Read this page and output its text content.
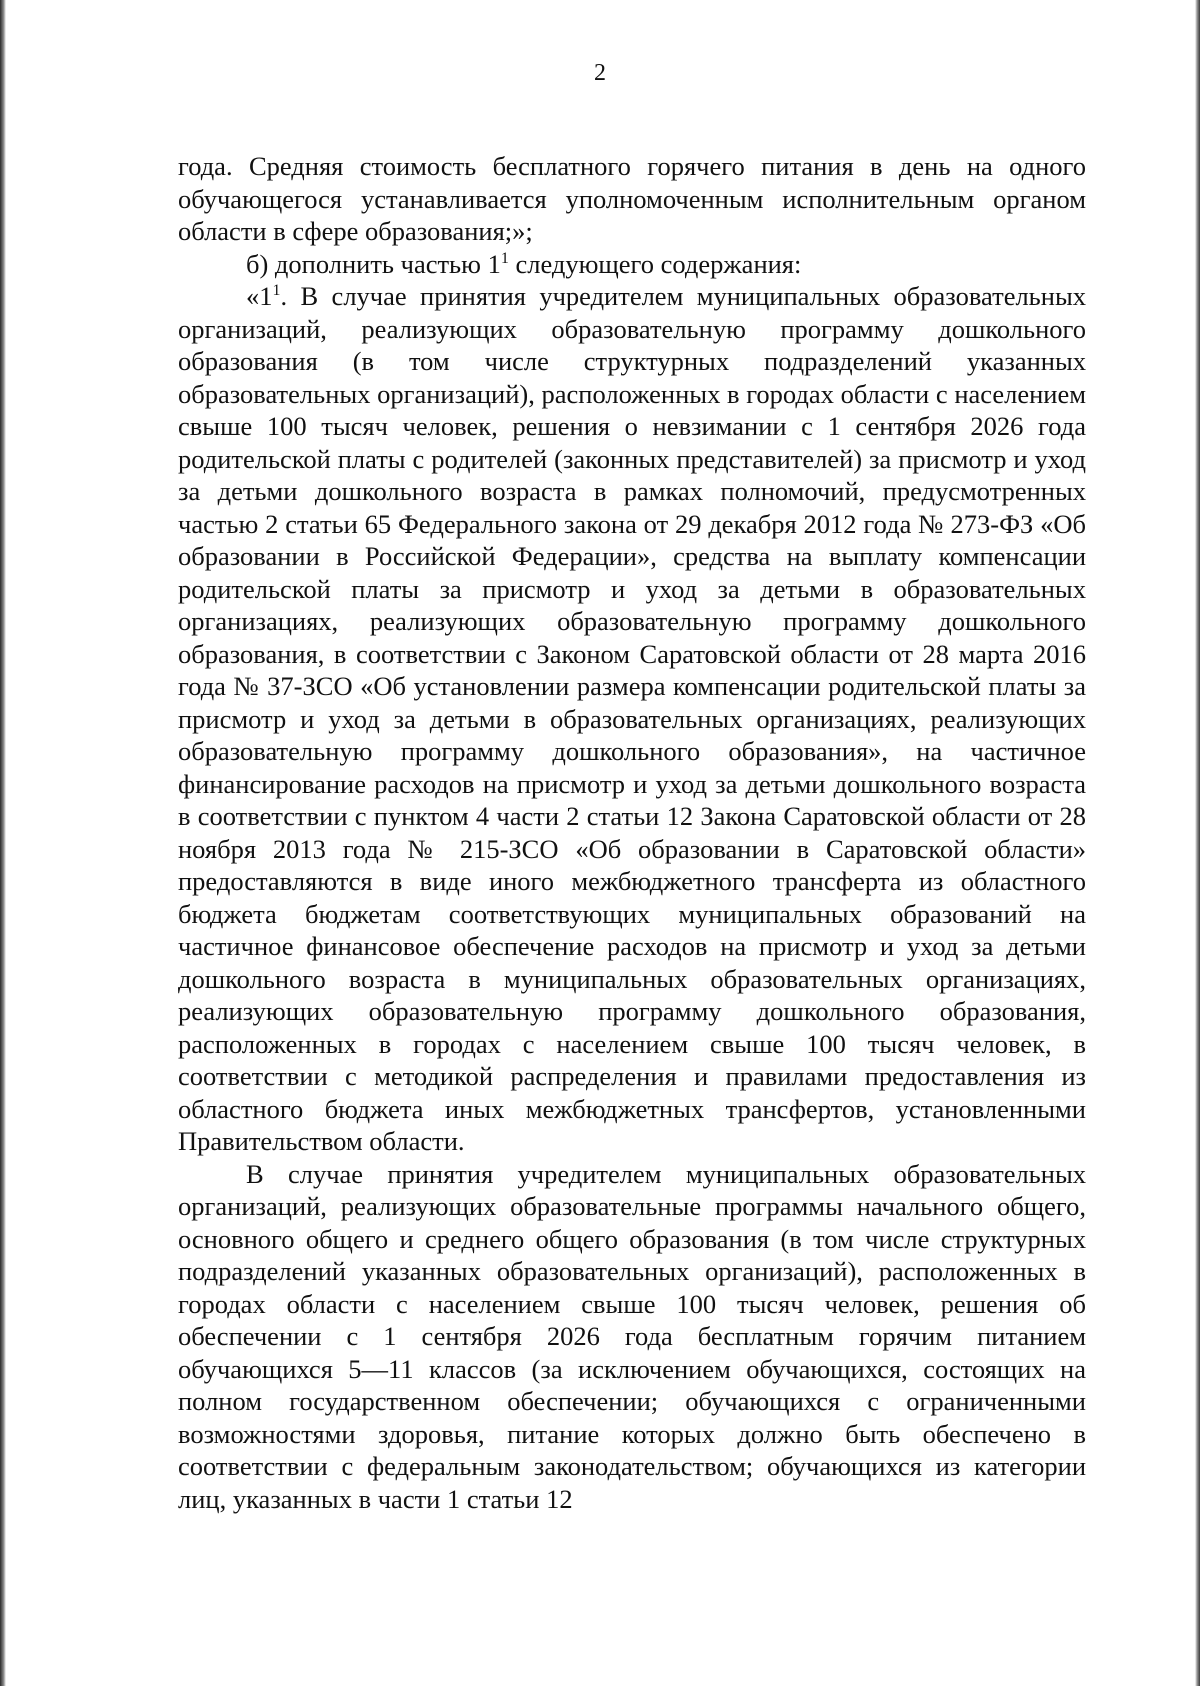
2

года. Средняя стоимость бесплатного горячего питания в день на одного обучающегося устанавливается уполномоченным исполнительным органом области в сфере образования;»;

б) дополнить частью $1^1$ следующего содержания:

«$1^1$. В случае принятия учредителем муниципальных образовательных организаций, реализующих образовательную программу дошкольного образования (в том числе структурных подразделений указанных образовательных организаций), расположенных в городах области с населением свыше 100 тысяч человек, решения о невзимании с 1 сентября 2026 года родительской платы с родителей (законных представителей) за присмотр и уход за детьми дошкольного возраста в рамках полномочий, предусмотренных частью 2 статьи 65 Федерального закона от 29 декабря 2012 года № 273-ФЗ «Об образовании в Российской Федерации», средства на выплату компенсации родительской платы за присмотр и уход за детьми в образовательных организациях, реализующих образовательную программу дошкольного образования, в соответствии с Законом Саратовской области от 28 марта 2016 года № 37-ЗСО «Об установлении размера компенсации родительской платы за присмотр и уход за детьми в образовательных организациях, реализующих образовательную программу дошкольного образования», на частичное финансирование расходов на присмотр и уход за детьми дошкольного возраста в соответствии с пунктом 4 части 2 статьи 12 Закона Саратовской области от 28 ноября 2013 года № 215-ЗСО «Об образовании в Саратовской области» предоставляются в виде иного межбюджетного трансферта из областного бюджета бюджетам соответствующих муниципальных образований на частичное финансовое обеспечение расходов на присмотр и уход за детьми дошкольного возраста в муниципальных образовательных организациях, реализующих образовательную программу дошкольного образования, расположенных в городах с населением свыше 100 тысяч человек, в соответствии с методикой распределения и правилами предоставления из областного бюджета иных межбюджетных трансфертов, установленными Правительством области.

В случае принятия учредителем муниципальных образовательных организаций, реализующих образовательные программы начального общего, основного общего и среднего общего образования (в том числе структурных подразделений указанных образовательных организаций), расположенных в городах области с населением свыше 100 тысяч человек, решения об обеспечении с 1 сентября 2026 года бесплатным горячим питанием обучающихся 5—11 классов (за исключением обучающихся, состоящих на полном государственном обеспечении; обучающихся с ограниченными возможностями здоровья, питание которых должно быть обеспечено в соответствии с федеральным законодательством; обучающихся из категории лиц, указанных в части 1 статьи 12
